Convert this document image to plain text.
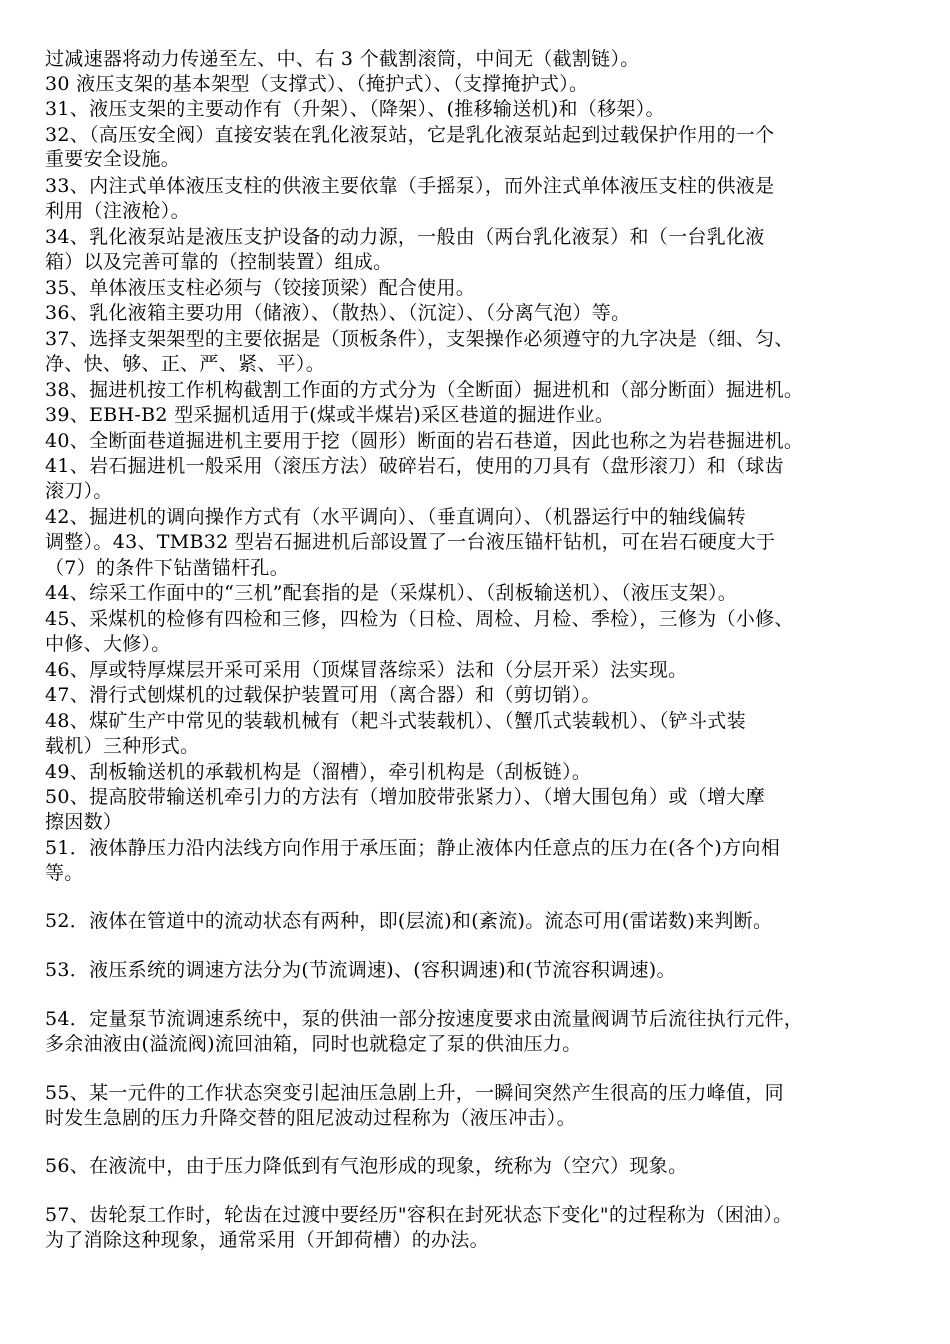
过减速器将动力传递至左、中、右 3 个截割滚筒，中间无（截割链）。
30 液压支架的基本架型（支撑式）、（掩护式）、（支撑掩护式）。
31、液压支架的主要动作有（升架）、（降架）、(推移输送机)和（移架）。
32、（高压安全阀）直接安装在乳化液泵站，它是乳化液泵站起到过载保护作用的一个
重要安全设施。
33、内注式单体液压支柱的供液主要依靠（手摇泵），而外注式单体液压支柱的供液是
利用（注液枪）。
34、乳化液泵站是液压支护设备的动力源，一般由（两台乳化液泵）和（一台乳化液
箱）以及完善可靠的（控制装置）组成。
35、单体液压支柱必须与（铰接顶梁）配合使用。
36、乳化液箱主要功用（储液）、（散热）、（沉淀）、（分离气泡）等。
37、选择支架架型的主要依据是（顶板条件），支架操作必须遵守的九字决是（细、匀、
净、快、够、正、严、紧、平）。
38、掘进机按工作机构截割工作面的方式分为（全断面）掘进机和（部分断面）掘进机。
39、EBH-B2 型采掘机适用于(煤或半煤岩)采区巷道的掘进作业。
40、全断面巷道掘进机主要用于挖（圆形）断面的岩石巷道，因此也称之为岩巷掘进机。
41、岩石掘进机一般采用（滚压方法）破碎岩石，使用的刀具有（盘形滚刀）和（球齿
滚刀）。
42、掘进机的调向操作方式有（水平调向）、（垂直调向）、（机器运行中的轴线偏转
调整）。43、TMB32 型岩石掘进机后部设置了一台液压锚杆钻机，可在岩石硬度大于
（7）的条件下钻凿锚杆孔。
44、综采工作面中的“三机”配套指的是（采煤机）、（刮板输送机）、（液压支架）。
45、采煤机的检修有四检和三修，四检为（日检、周检、月检、季检），三修为（小修、
中修、大修）。
46、厚或特厚煤层开采可采用（顶煤冒落综采）法和（分层开采）法实现。
47、滑行式刨煤机的过载保护装置可用（离合器）和（剪切销）。
48、煤矿生产中常见的装载机械有（耙斗式装载机）、（蟹爪式装载机）、（铲斗式装
载机）三种形式。
49、刮板输送机的承载机构是（溜槽），牵引机构是（刮板链）。
50、提高胶带输送机牵引力的方法有（增加胶带张紧力）、（增大围包角）或（增大摩
擦因数）
51．液体静压力沿内法线方向作用于承压面；静止液体内任意点的压力在(各个)方向相
等。
52．液体在管道中的流动状态有两种，即(层流)和(紊流)。流态可用(雷诺数)来判断。
53．液压系统的调速方法分为(节流调速)、(容积调速)和(节流容积调速)。
54．定量泵节流调速系统中，泵的供油一部分按速度要求由流量阀调节后流往执行元件，
多余油液由(溢流阀)流回油箱，同时也就稳定了泵的供油压力。
55、某一元件的工作状态突变引起油压急剧上升，一瞬间突然产生很高的压力峰值，同
时发生急剧的压力升降交替的阻尼波动过程称为（液压冲击）。
56、在液流中，由于压力降低到有气泡形成的现象，统称为（空穴）现象。
57、齿轮泵工作时，轮齿在过渡中要经历"容积在封死状态下变化"的过程称为（困油）。
为了消除这种现象，通常采用（开卸荷槽）的办法。
